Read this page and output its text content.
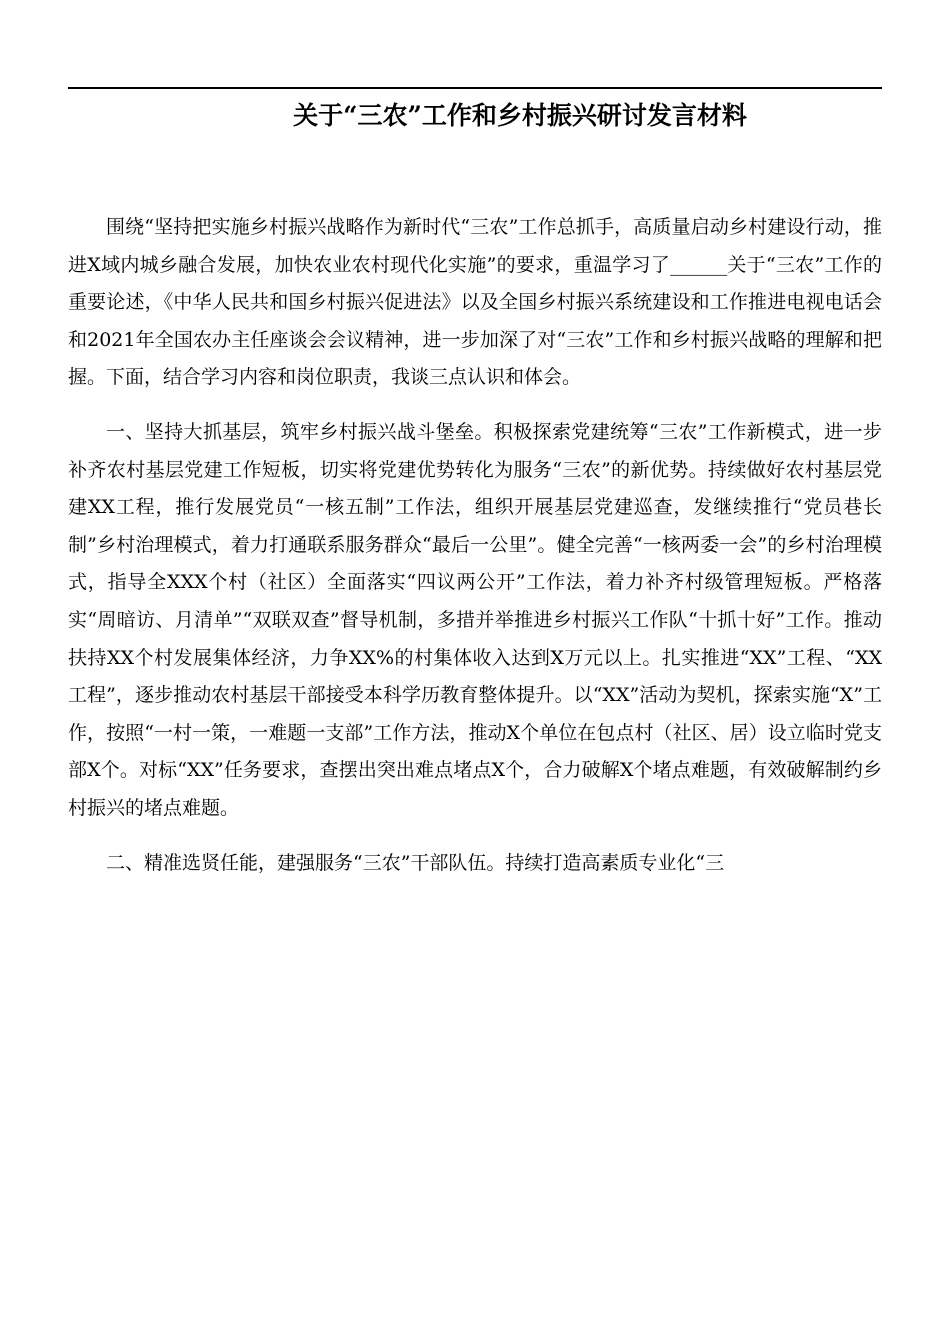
关于“三农”工作和乡村振兴研讨发言材料

围绕“坚持把实施乡村振兴战略作为新时代“三农”工作总抓手，高质量启动乡村建设行动，推进X域内城乡融合发展，加快农业农村现代化实施”的要求，重温学习了______关于“三农”工作的重要论述，《中华人民共和国乡村振兴促进法》以及全国乡村振兴系统建设和工作推进电视电话会和2021年全国农办主任座谈会会议精神，进一步加深了对“三农”工作和乡村振兴战略的理解和把握。下面，结合学习内容和岗位职责，我谈三点认识和体会。

一、坚持大抓基层，筑牢乡村振兴战斗堡垒。积极探索党建统筹“三农”工作新模式，进一步补齐农村基层党建工作短板，切实将党建优势转化为服务“三农”的新优势。持续做好农村基层党建XX工程，推行发展党员“一核五制”工作法，组织开展基层党建巡查，发继续推行“党员巷长制”乡村治理模式，着力打通联系服务群众“最后一公里”。健全完善“一核两委一会”的乡村治理模式，指导全XXX个村（社区）全面落实“四议两公开”工作法，着力补齐村级管理短板。严格落实“周暗访、月清单”“双联双查”督导机制，多措并举推进乡村振兴工作队“十抓十好”工作。推动扶持XX个村发展集体经济，力争XX%的村集体收入达到X万元以上。扎实推进“XX”工程、“XX工程”，逐步推动农村基层干部接受本科学历教育整体提升。以“XX”活动为契机，探索实施“X”工作，按照“一村一策，一难题一支部”工作方法，推动X个单位在包点村（社区、居）设立临时党支部X个。对标“XX”任务要求，查摆出突出难点堵点X个，合力破解X个堵点难题，有效破解制约乡村振兴的堵点难题。

二、精准选贤任能，建强服务“三农”干部队伍。持续打造高素质专业化“三
